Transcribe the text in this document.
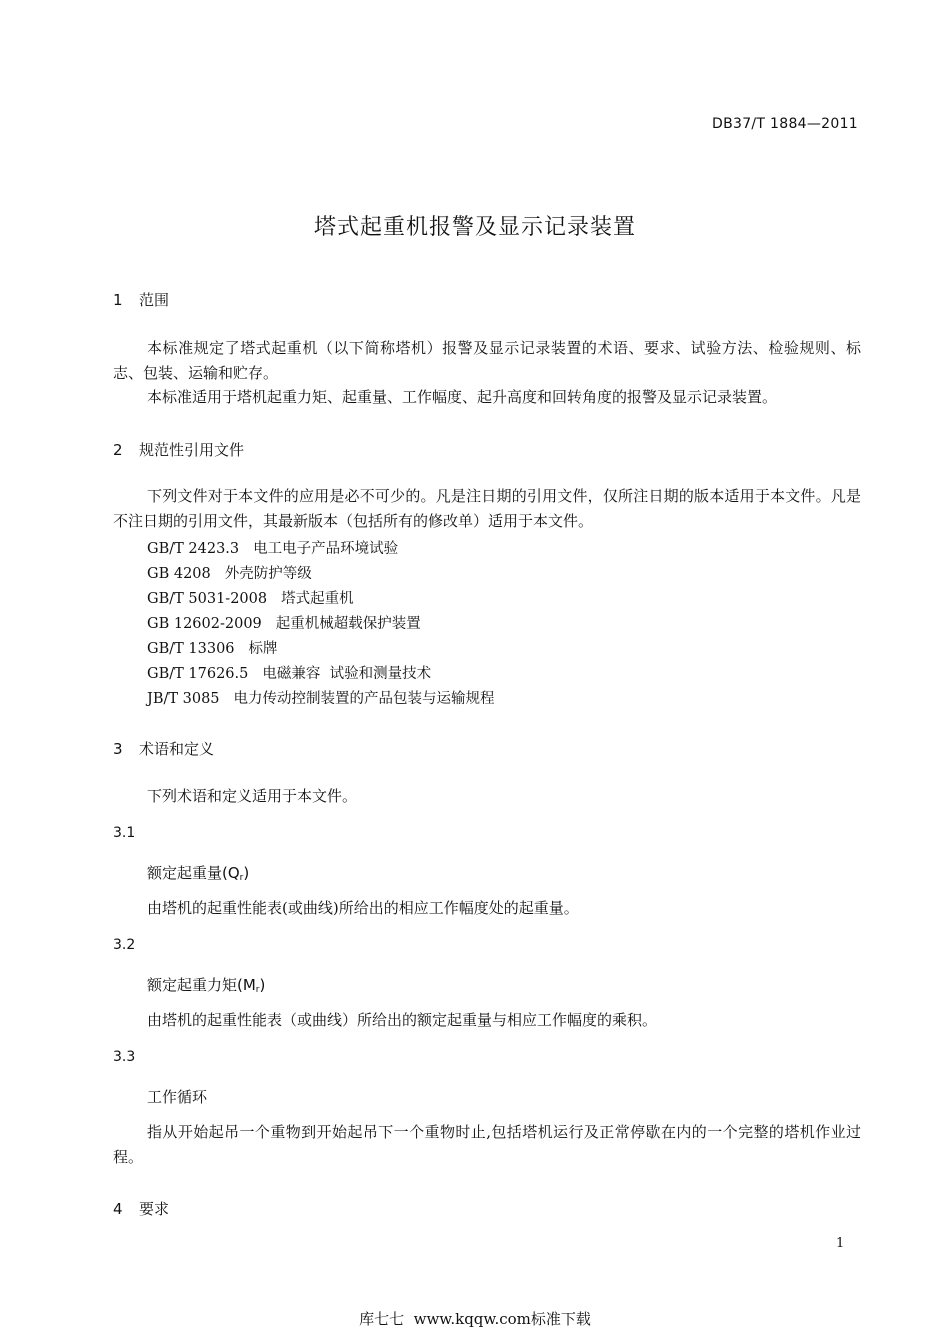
DB37/T 1884—2011
塔式起重机报警及显示记录装置
1 范围
本标准规定了塔式起重机（以下简称塔机）报警及显示记录装置的术语、要求、试验方法、检验规则、标志、包装、运输和贮存。
本标准适用于塔机起重力矩、起重量、工作幅度、起升高度和回转角度的报警及显示记录装置。
2 规范性引用文件
下列文件对于本文件的应用是必不可少的。凡是注日期的引用文件，仅所注日期的版本适用于本文件。凡是不注日期的引用文件，其最新版本（包括所有的修改单）适用于本文件。
GB/T 2423.3 电工电子产品环境试验
GB 4208 外壳防护等级
GB/T 5031-2008 塔式起重机
GB 12602-2009 起重机械超载保护装置
GB/T 13306 标牌
GB/T 17626.5 电磁兼容  试验和测量技术
JB/T 3085 电力传动控制装置的产品包装与运输规程
3 术语和定义
下列术语和定义适用于本文件。
3.1
额定起重量$(Q_r)$
由塔机的起重性能表(或曲线)所给出的相应工作幅度处的起重量。
3.2
额定起重力矩$(M_r)$
由塔机的起重性能表（或曲线）所给出的额定起重量与相应工作幅度的乘积。
3.3
工作循环
指从开始起吊一个重物到开始起吊下一个重物时止,包括塔机运行及正常停歇在内的一个完整的塔机作业过程。
4 要求
1
库七七  www.kqqw.com标准下载
